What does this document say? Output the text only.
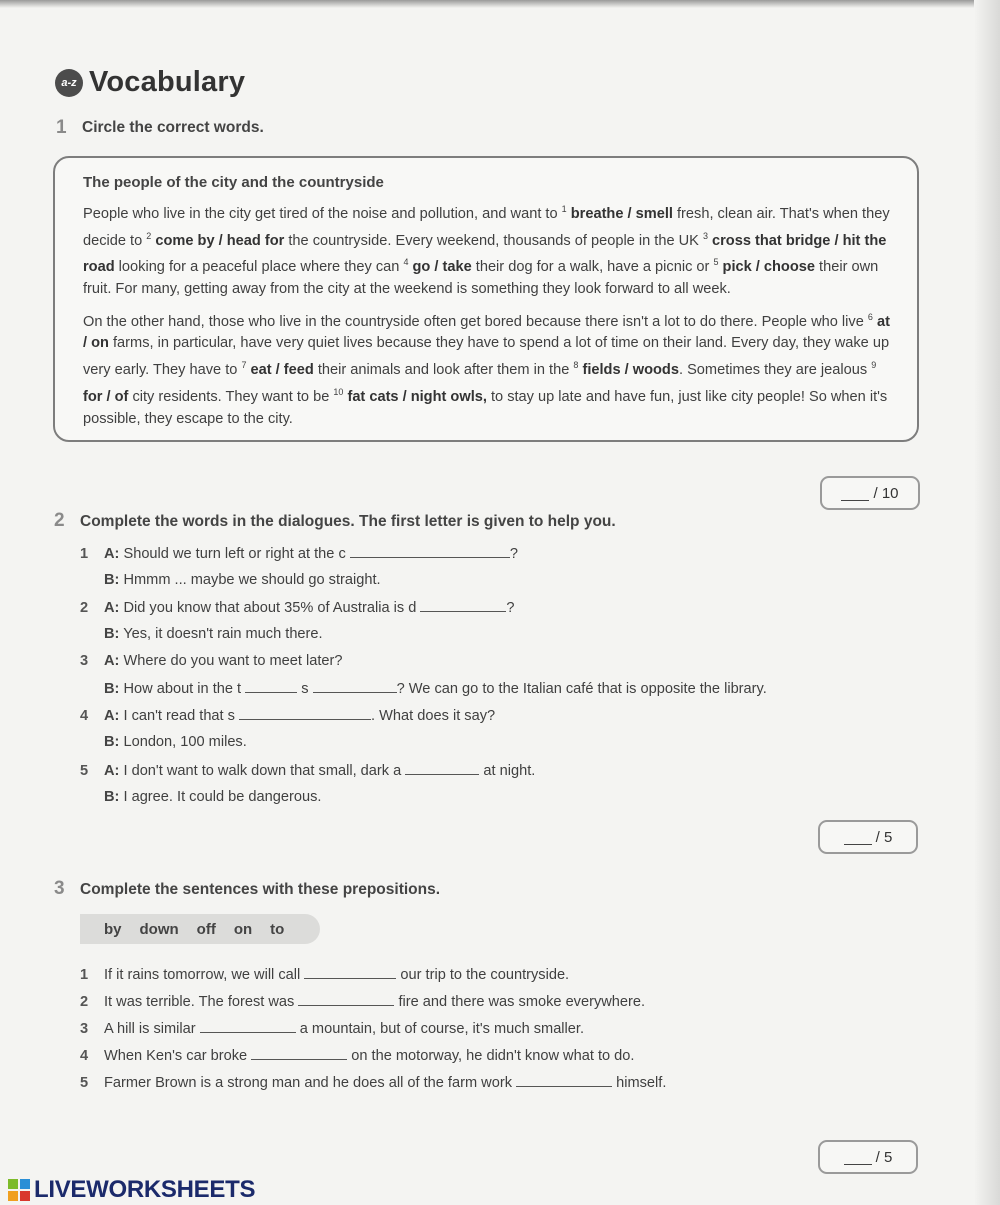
a-z Vocabulary
1 Circle the correct words.
The people of the city and the countryside

People who live in the city get tired of the noise and pollution, and want to $^1$ breathe / smell fresh, clean air. That's when they decide to $^2$ come by / head for the countryside. Every weekend, thousands of people in the UK $^3$ cross that bridge / hit the road looking for a peaceful place where they can $^4$ go / take their dog for a walk, have a picnic or $^5$ pick / choose their own fruit. For many, getting away from the city at the weekend is something they look forward to all week.

On the other hand, those who live in the countryside often get bored because there isn't a lot to do there. People who live $^6$ at / on farms, in particular, have very quiet lives because they have to spend a lot of time on their land. Every day, they wake up very early. They have to $^7$ eat / feed their animals and look after them in the $^8$ fields / woods. Sometimes they are jealous $^9$ for / of city residents. They want to be $^{10}$ fat cats / night owls, to stay up late and have fun, just like city people! So when it's possible, they escape to the city.

/ 10
2 Complete the words in the dialogues. The first letter is given to help you.
1 A: Should we turn left or right at the c	?
B: Hmmm ... maybe we should go straight.
2 A: Did you know that about 35% of Australia is d	?
B: Yes, it doesn't rain much there.
3 A: Where do you want to meet later?
B: How about in the t	s	? We can go to the Italian café that is opposite the library.
4 A: I can't read that s	. What does it say?
B: London, 100 miles.
5 A: I don't want to walk down that small, dark a	at night.
B: I agree. It could be dangerous.
/ 5
3 Complete the sentences with these prepositions.
by down off on to
1 If it rains tomorrow, we will call	our trip to the countryside.
2 It was terrible. The forest was	fire and there was smoke everywhere.
3 A hill is similar	a mountain, but of course, it's much smaller.
4 When Ken's car broke	on the motorway, he didn't know what to do.
5 Farmer Brown is a strong man and he does all of the farm work	himself.
/ 5
LIVEWORKSHEETS
